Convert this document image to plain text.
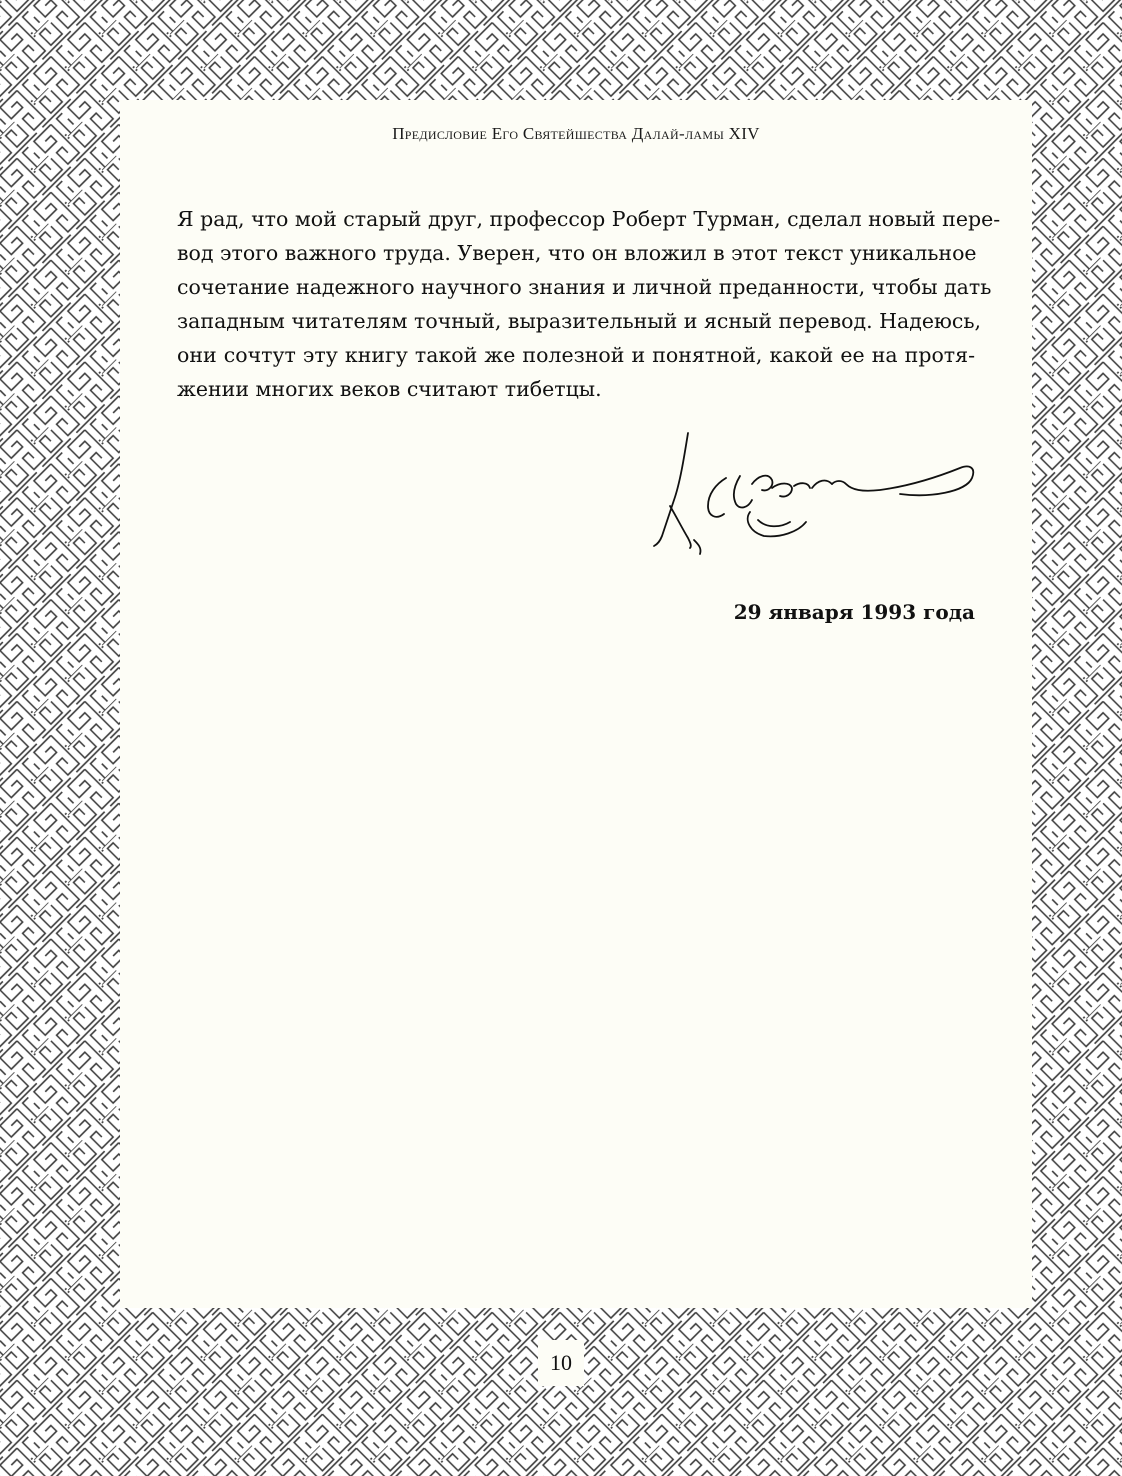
Предисловие Его Святейшества Далай-ламы XIV

Я рад, что мой старый друг, профессор Роберт Турман, сделал новый пере-
вод этого важного труда. Уверен, что он вложил в этот текст уникальное
сочетание надежного научного знания и личной преданности, чтобы дать
западным читателям точный, выразительный и ясный перевод. Надеюсь,
они сочтут эту книгу такой же полезной и понятной, какой ее на протя-
жении многих веков считают тибетцы.

29 января 1993 года
10
